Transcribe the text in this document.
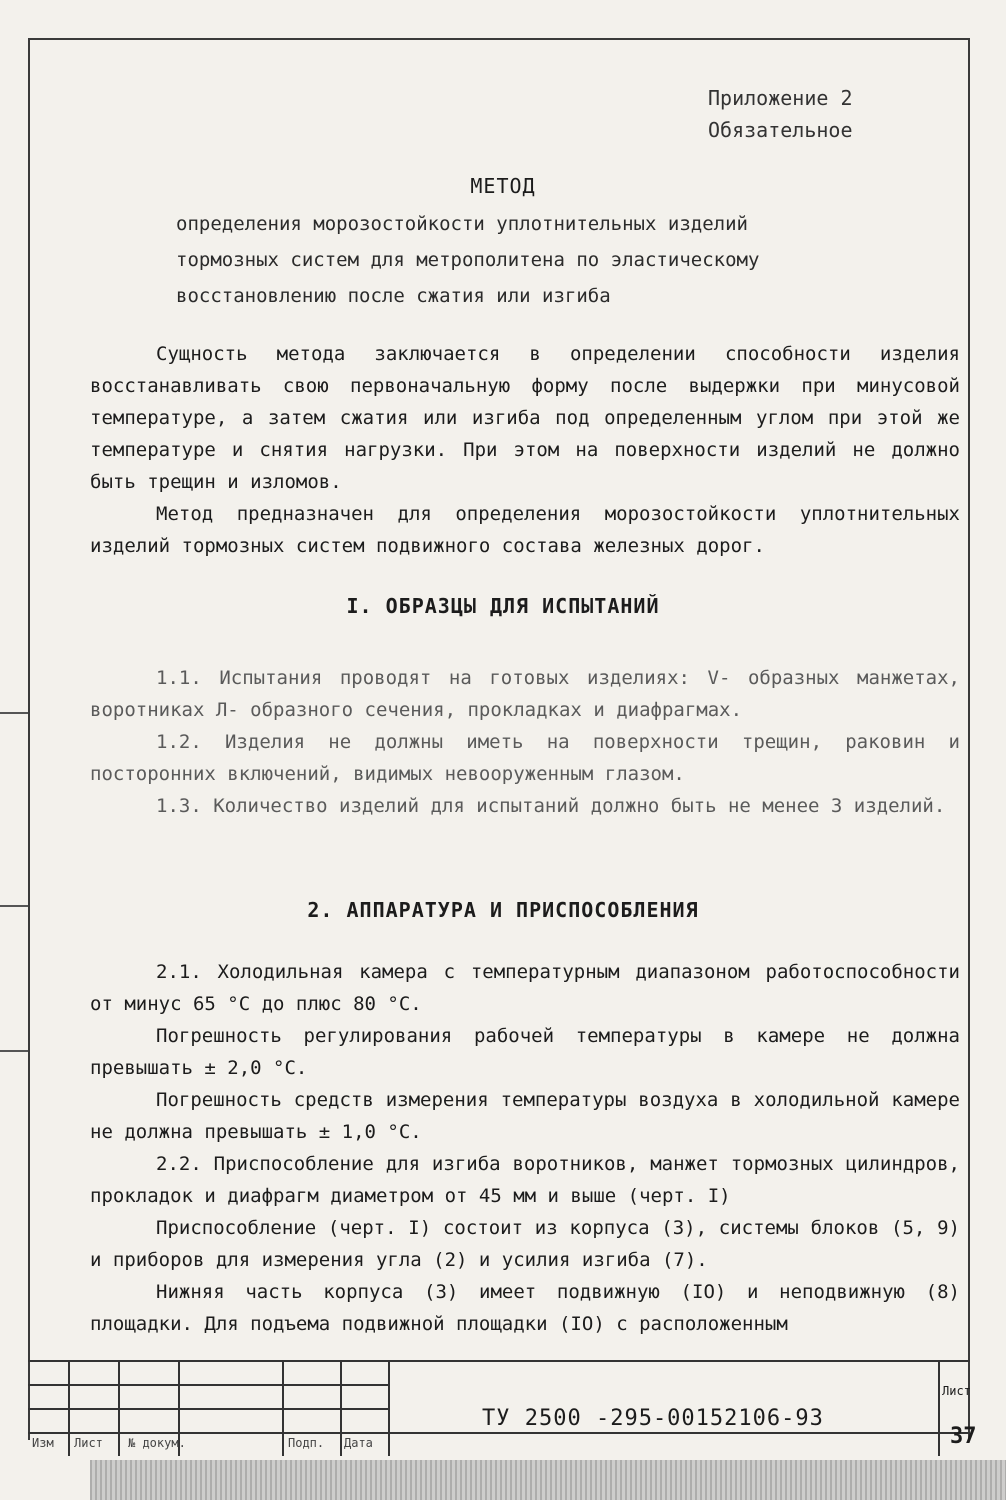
Приложение 2
Обязательное
МЕТОД
определения морозостойкости уплотнительных изделий
тормозных систем для метрополитена по эластическому
восстановлению после сжатия или изгиба

Сущность метода заключается в определении способности изделия восстанавливать свою первоначальную форму после выдержки при минусовой температуре, а затем сжатия или изгиба под определенным углом при этой же температуре и снятия нагрузки. При этом на поверхности изделий не должно быть трещин и изломов.

Метод предназначен для определения морозостойкости уплотнительных изделий тормозных систем подвижного состава железных дорог.

I. ОБРАЗЦЫ ДЛЯ ИСПЫТАНИЙ

1.1. Испытания проводят на готовых изделиях: V- образных манжетах, воротниках Л- образного сечения, прокладках и диафрагмах.

1.2. Изделия не должны иметь на поверхности трещин, раковин и посторонних включений, видимых невооруженным глазом.

1.3. Количество изделий для испытаний должно быть не менее 3 изделий.

2. АППАРАТУРА И ПРИСПОСОБЛЕНИЯ

2.1. Холодильная камера с температурным диапазоном работоспособности от минус 65 °С до плюс 80 °С.

Погрешность регулирования рабочей температуры в камере не должна превышать ± 2,0 °С.

Погрешность средств измерения температуры воздуха в холодильной камере не должна превышать ± 1,0 °С.

2.2. Приспособление для изгиба воротников, манжет тормозных цилиндров, прокладок и диафрагм диаметром от 45 мм и выше (черт. I)

Приспособление (черт. I) состоит из корпуса (3), системы блоков (5, 9) и приборов для измерения угла (2) и усилия изгиба (7).

Нижняя часть корпуса (3) имеет подвижную (IO) и неподвижную (8) площадки. Для подъема подвижной площадки (IO) с расположенным

Изм Лист № докум.	Подп. Дата
ТУ 2500 -295-00152106-93
Лист
37
